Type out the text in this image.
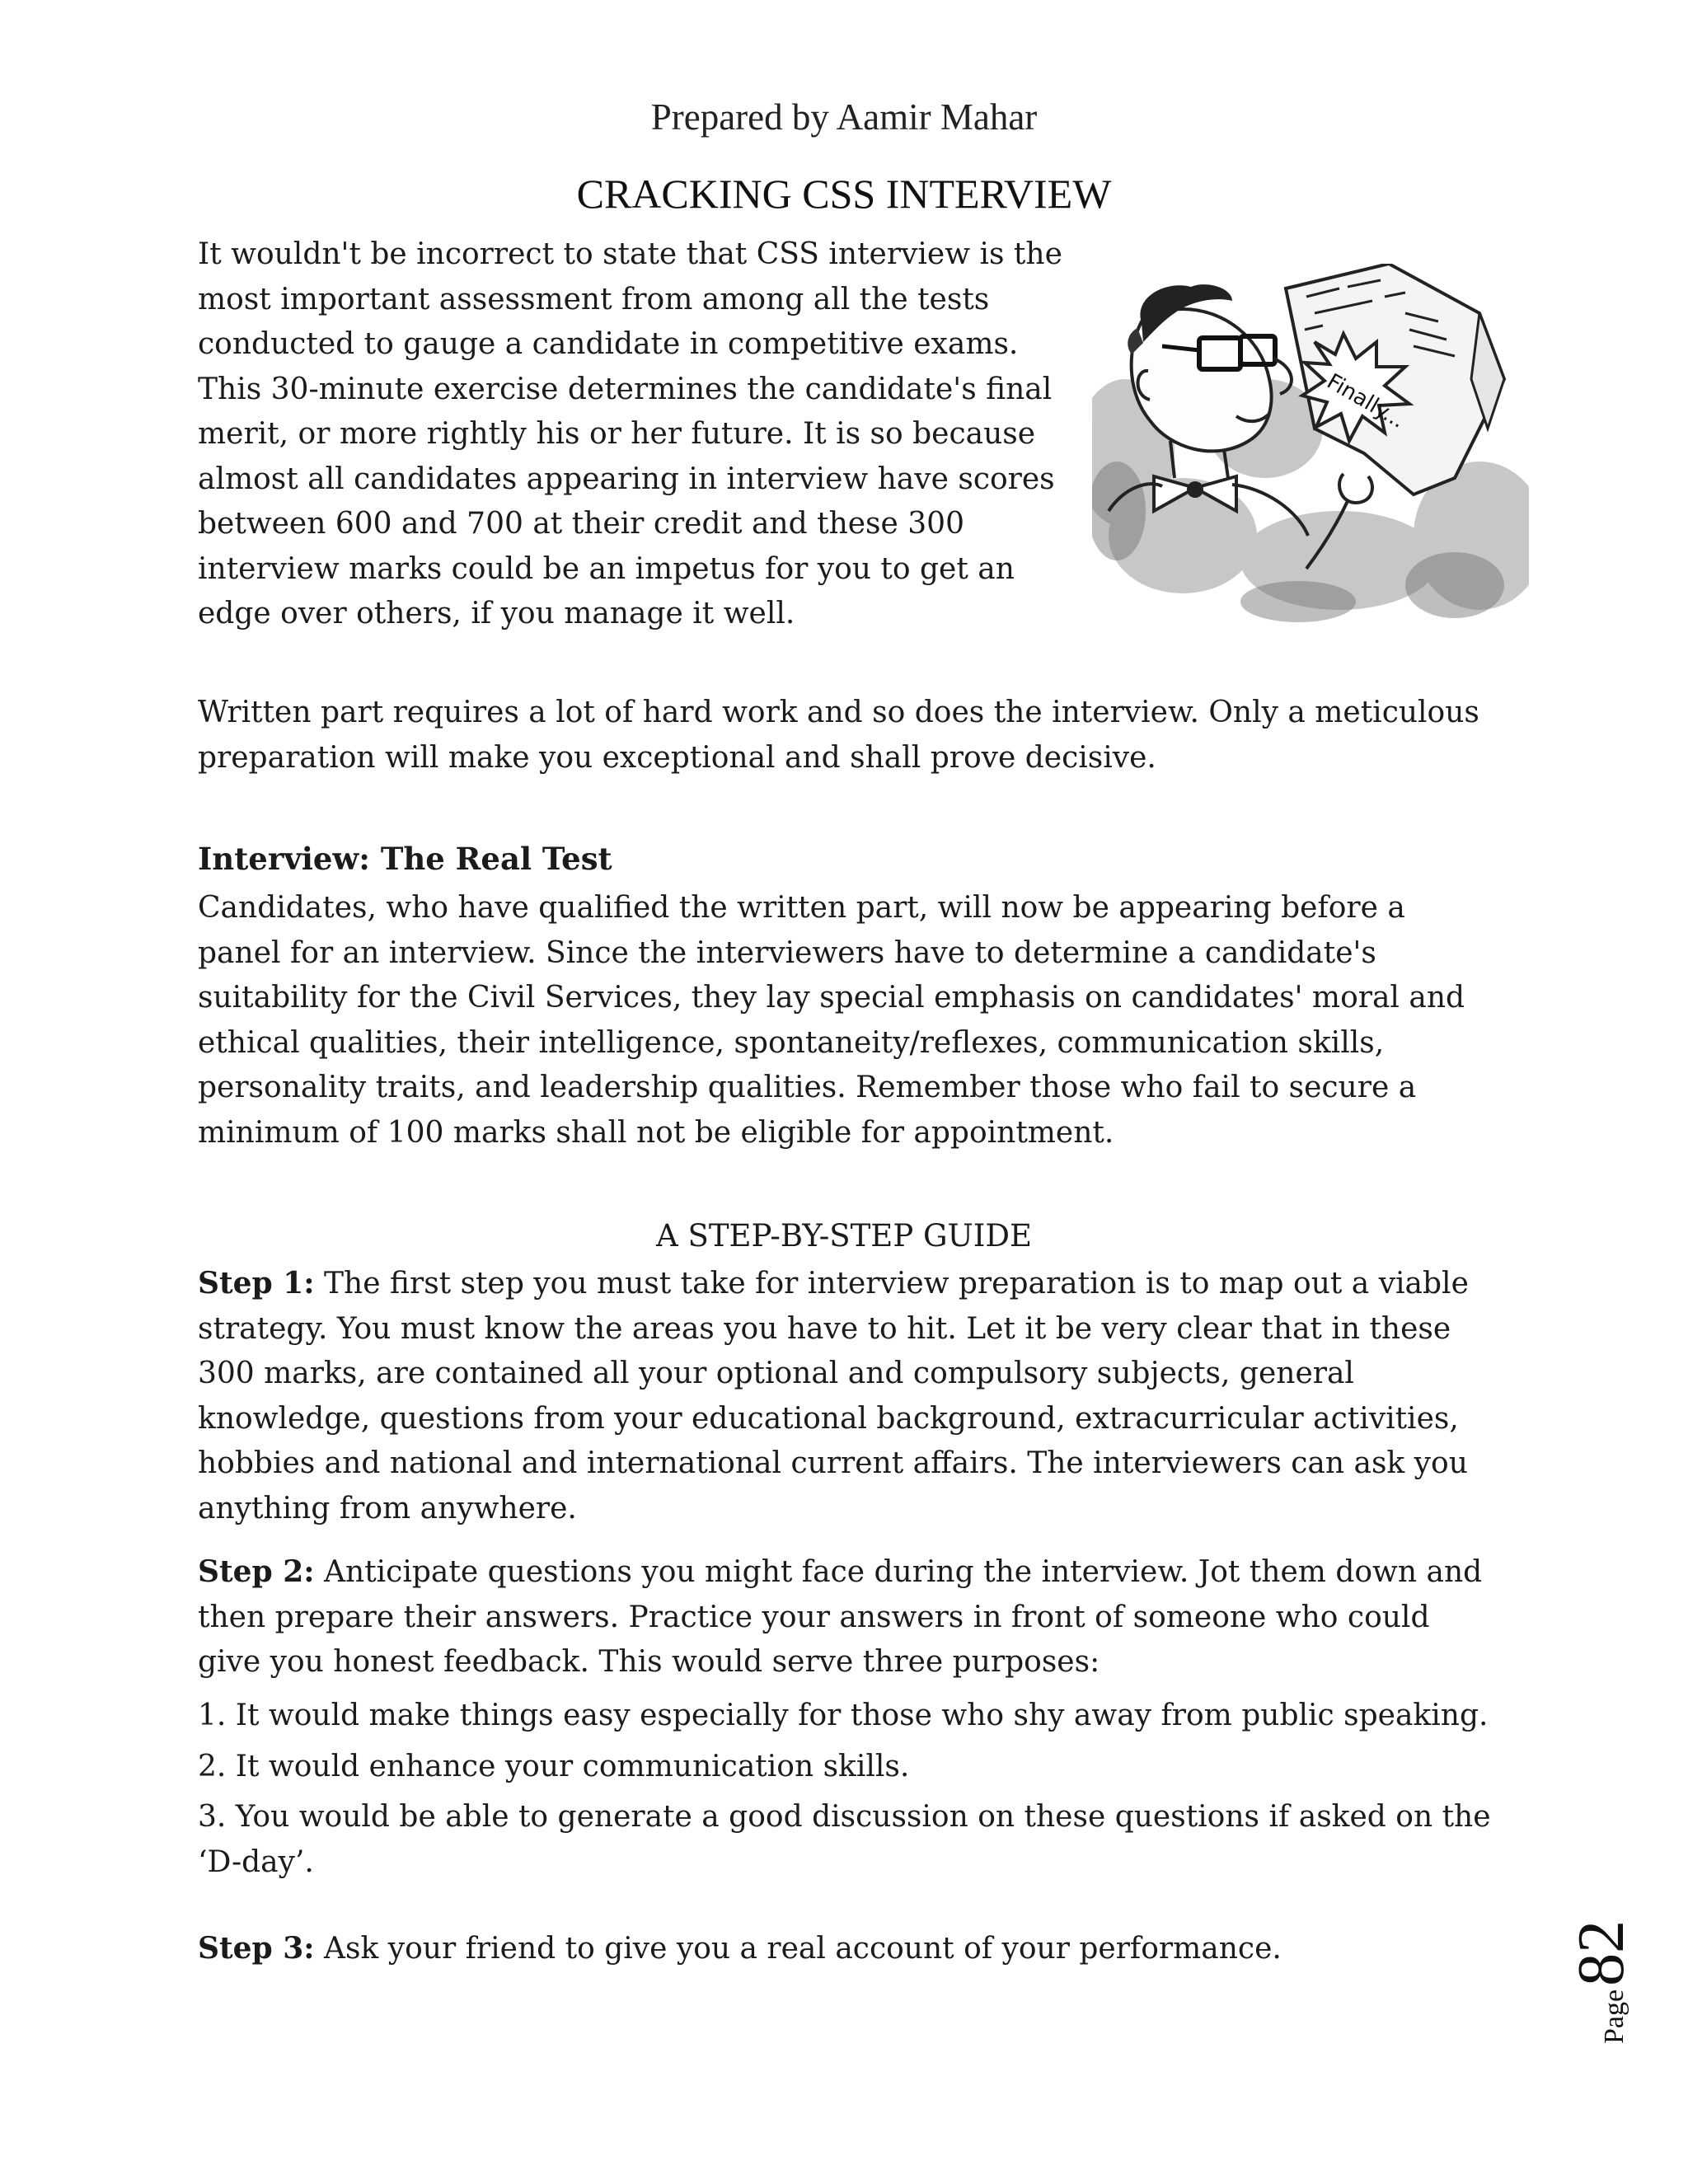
Prepared by Aamir Mahar
CRACKING CSS INTERVIEW
It wouldn't be incorrect to state that CSS interview is the most important assessment from among all the tests conducted to gauge a candidate in competitive exams. This 30-minute exercise determines the candidate's final merit, or more rightly his or her future. It is so because almost all candidates appearing in interview have scores between 600 and 700 at their credit and these 300 interview marks could be an impetus for you to get an edge over others, if you manage it well.
Finally...
Written part requires a lot of hard work and so does the interview. Only a meticulous preparation will make you exceptional and shall prove decisive.
Interview: The Real Test
Candidates, who have qualified the written part, will now be appearing before a panel for an interview. Since the interviewers have to determine a candidate's suitability for the Civil Services, they lay special emphasis on candidates' moral and ethical qualities, their intelligence, spontaneity/reflexes, communication skills, personality traits, and leadership qualities. Remember those who fail to secure a minimum of 100 marks shall not be eligible for appointment.
A STEP-BY-STEP GUIDE
Step 1: The first step you must take for interview preparation is to map out a viable strategy. You must know the areas you have to hit. Let it be very clear that in these 300 marks, are contained all your optional and compulsory subjects, general knowledge, questions from your educational background, extracurricular activities, hobbies and national and international current affairs. The interviewers can ask you anything from anywhere.
Step 2: Anticipate questions you might face during the interview. Jot them down and then prepare their answers. Practice your answers in front of someone who could give you honest feedback. This would serve three purposes:
1. It would make things easy especially for those who shy away from public speaking.
2. It would enhance your communication skills.
3. You would be able to generate a good discussion on these questions if asked on the ‘D-day’.
Step 3: Ask your friend to give you a real account of your performance.
Page82
